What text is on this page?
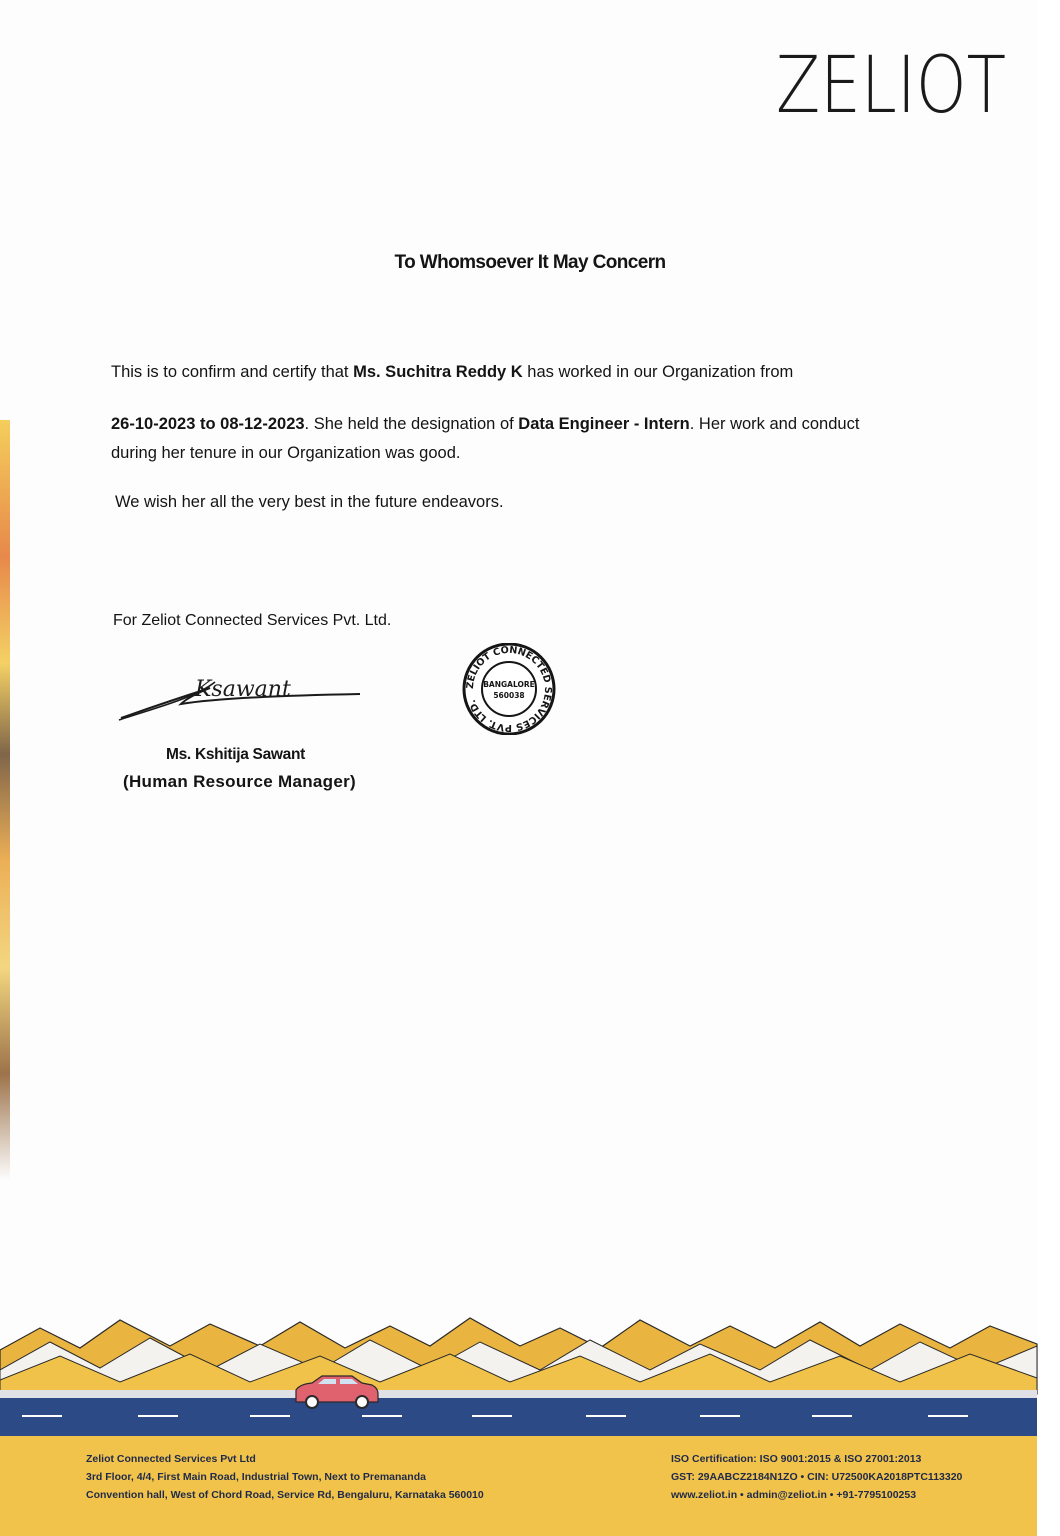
ZELIOT
To Whomsoever It May Concern
This is to confirm and certify that Ms. Suchitra Reddy K has worked in our Organization from
26-10-2023 to 08-12-2023. She held the designation of Data Engineer - Intern. Her work and conduct
during her tenure in our Organization was good.
We wish her all the very best in the future endeavors.
For Zeliot Connected Services Pvt. Ltd.
Ksawant	ZELIOT CONNECTED SERVICES PVT. LTD.
BANGALORE
560038
Ms. Kshitija Sawant
(Human Resource Manager)
Zeliot Connected Services Pvt Ltd
3rd Floor, 4/4, First Main Road, Industrial Town, Next to Premananda
Convention hall, West of Chord Road, Service Rd, Bengaluru, Karnataka 560010
ISO Certification: ISO 9001:2015 & ISO 27001:2013
GST: 29AABCZ2184N1ZO • CIN: U72500KA2018PTC113320
www.zeliot.in • admin@zeliot.in • +91-7795100253
